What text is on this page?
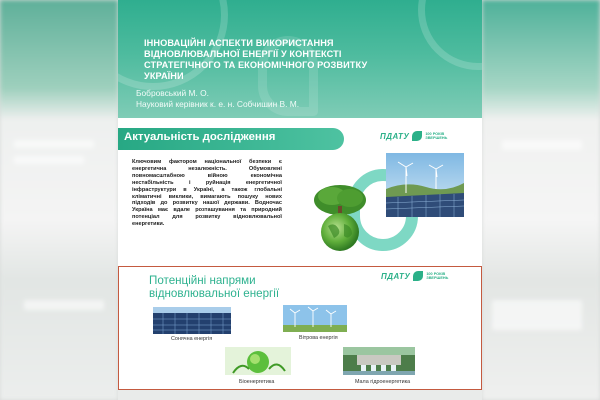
ІННОВАЦІЙНІ АСПЕКТИ ВИКОРИСТАННЯ ВІДНОВЛЮВАЛЬНОЇ ЕНЕРГІЇ У КОНТЕКСТІ СТРАТЕГІЧНОГО ТА ЕКОНОМІЧНОГО РОЗВИТКУ УКРАЇНИ
Бобровський М. О.
Науковий керівник к. е. н. Собчишин В. М.
Актуальність дослідження	ПДАТУ	100 РОКІВ ЗВЕРШЕНЬ
Ключовим фактором національної безпеки є енергетична незалежність. Обумовлені повномасштабною війною економічна нестабільність і руйнація енергетичної інфраструктури в Україні, а також глобальні кліматичні виклики, вимагають пошуку нових підходів до розвитку нашої держави. Водночас Україна має вдале розташування та природний потенціал для розвитку відновлювальної енергетики.
Потенційні напрями
відновлювальної енергії
ПДАТУ	100 РОКІВ ЗВЕРШЕНЬ
Сонячна енергія	Вітрова енергія
Біоенергетика	Мала гідроенергетика
